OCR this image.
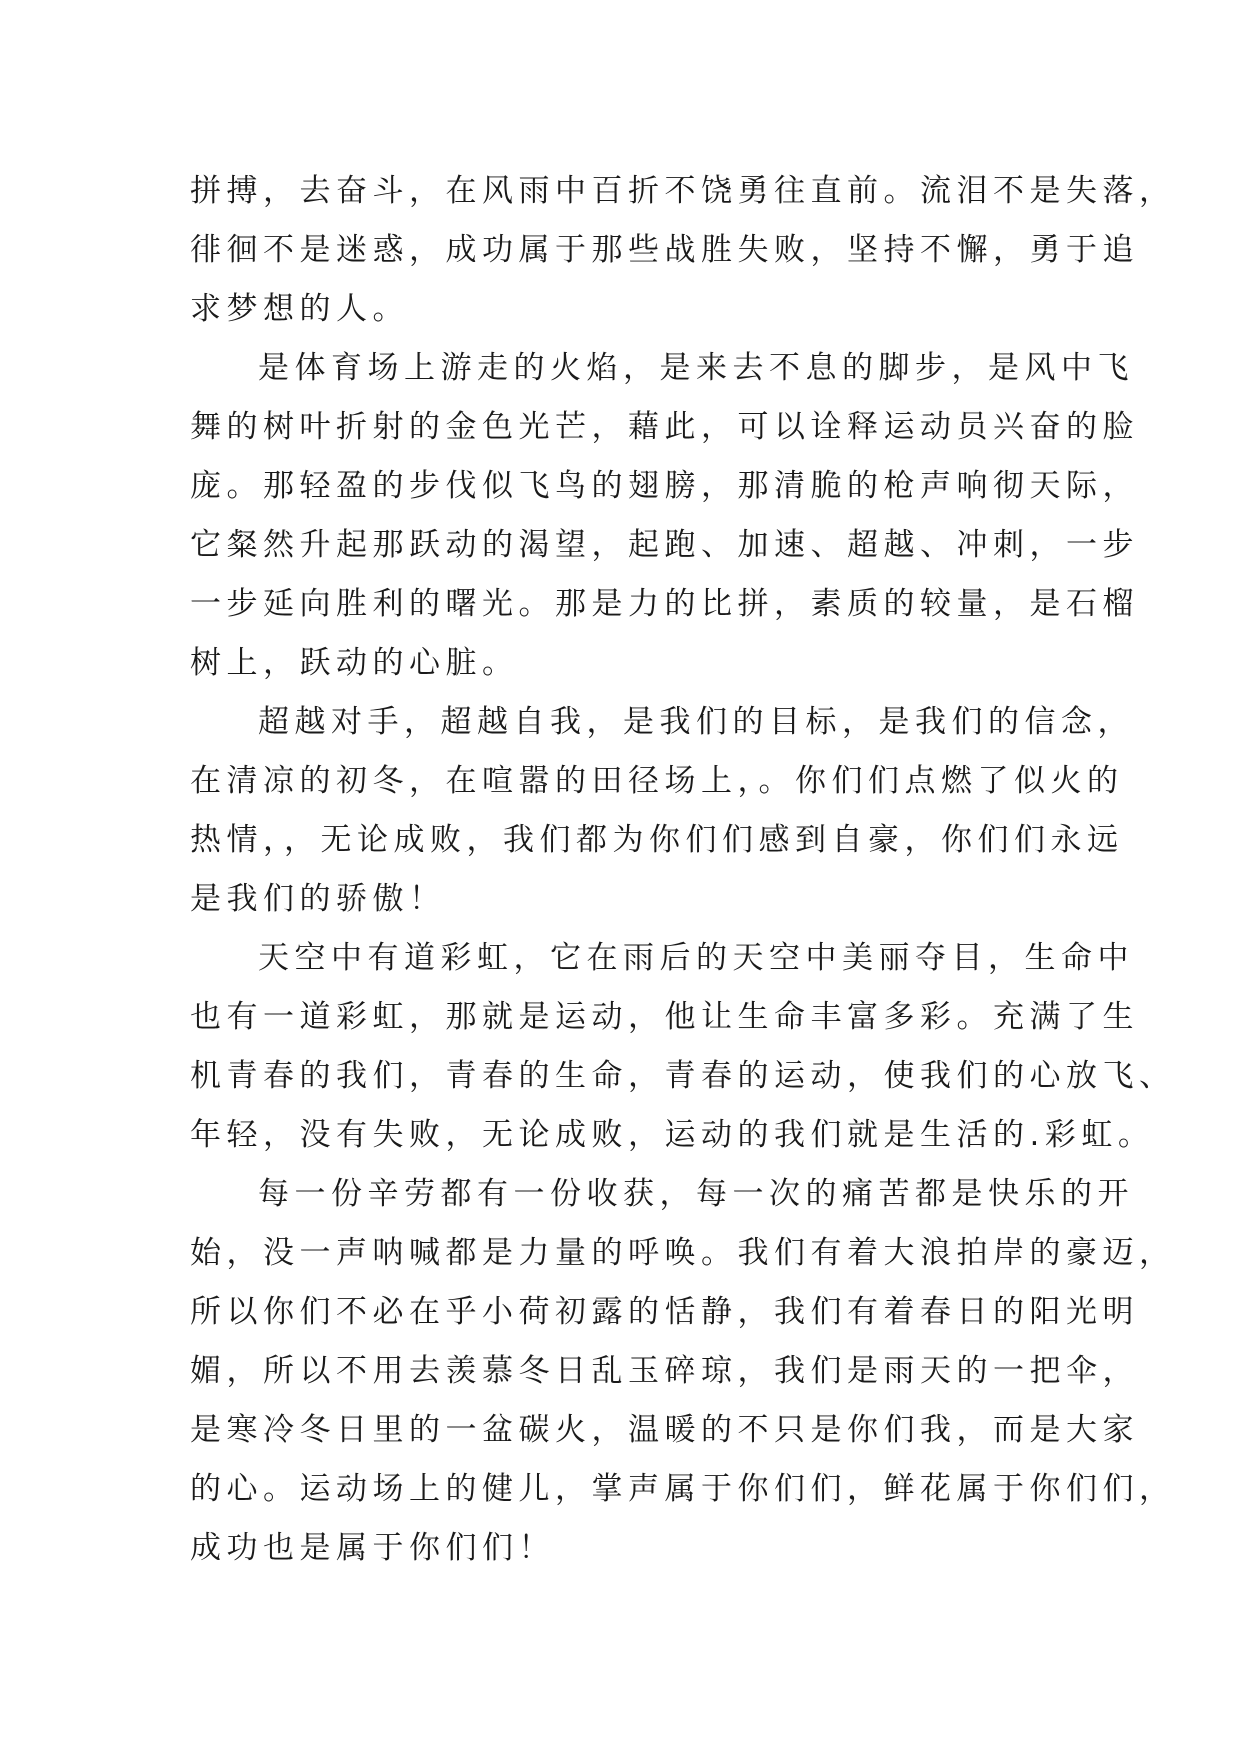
拼搏，去奋斗，在风雨中百折不饶勇往直前。流泪不是失落，
徘徊不是迷惑，成功属于那些战胜失败，坚持不懈，勇于追
求梦想的人。
是体育场上游走的火焰，是来去不息的脚步，是风中飞
舞的树叶折射的金色光芒，藉此，可以诠释运动员兴奋的脸
庞。那轻盈的步伐似飞鸟的翅膀，那清脆的枪声响彻天际，
它粲然升起那跃动的渴望，起跑、加速、超越、冲刺，一步
一步延向胜利的曙光。那是力的比拼，素质的较量，是石榴
树上，跃动的心脏。
超越对手，超越自我，是我们的目标，是我们的信念，
在清凉的初冬，在喧嚣的田径场上，。你们们点燃了似火的
热情，，无论成败，我们都为你们们感到自豪，你们们永远
是我们的骄傲！
天空中有道彩虹，它在雨后的天空中美丽夺目，生命中
也有一道彩虹，那就是运动，他让生命丰富多彩。充满了生
机青春的我们，青春的生命，青春的运动，使我们的心放飞、
年轻，没有失败，无论成败，运动的我们就是生活的.彩虹。
每一份辛劳都有一份收获，每一次的痛苦都是快乐的开
始，没一声呐喊都是力量的呼唤。我们有着大浪拍岸的豪迈，
所以你们不必在乎小荷初露的恬静，我们有着春日的阳光明
媚，所以不用去羡慕冬日乱玉碎琼，我们是雨天的一把伞，
是寒冷冬日里的一盆碳火，温暖的不只是你们我，而是大家
的心。运动场上的健儿，掌声属于你们们，鲜花属于你们们，
成功也是属于你们们！
